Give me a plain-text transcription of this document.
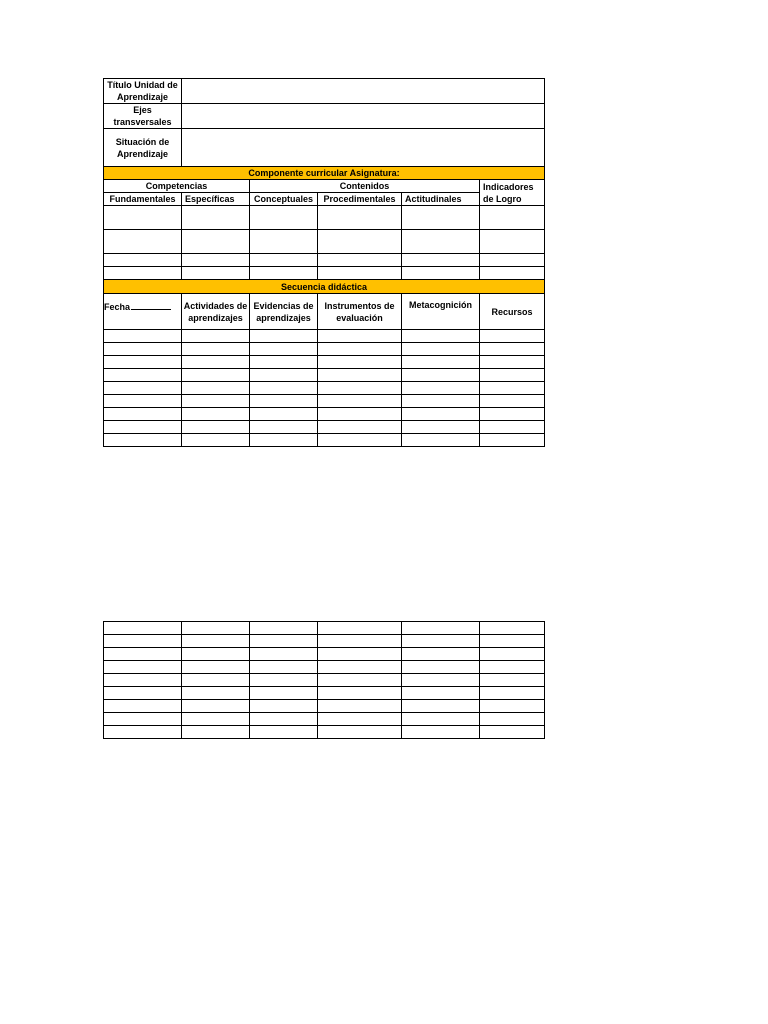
Título Unidad de Aprendizaje					
Ejes transversales					
Situación de Aprendizaje					
Componente curricular Asignatura:					
Competencias		Contenidos			Indicadores de Logro
Fundamentales	Específicas	Conceptuales	Procedimentales	Actitudinales	

Secuencia didáctica					
Fecha	Actividades de aprendizajes	Evidencias de aprendizajes	Instrumentos de evaluación	Metacognición	Recursos
